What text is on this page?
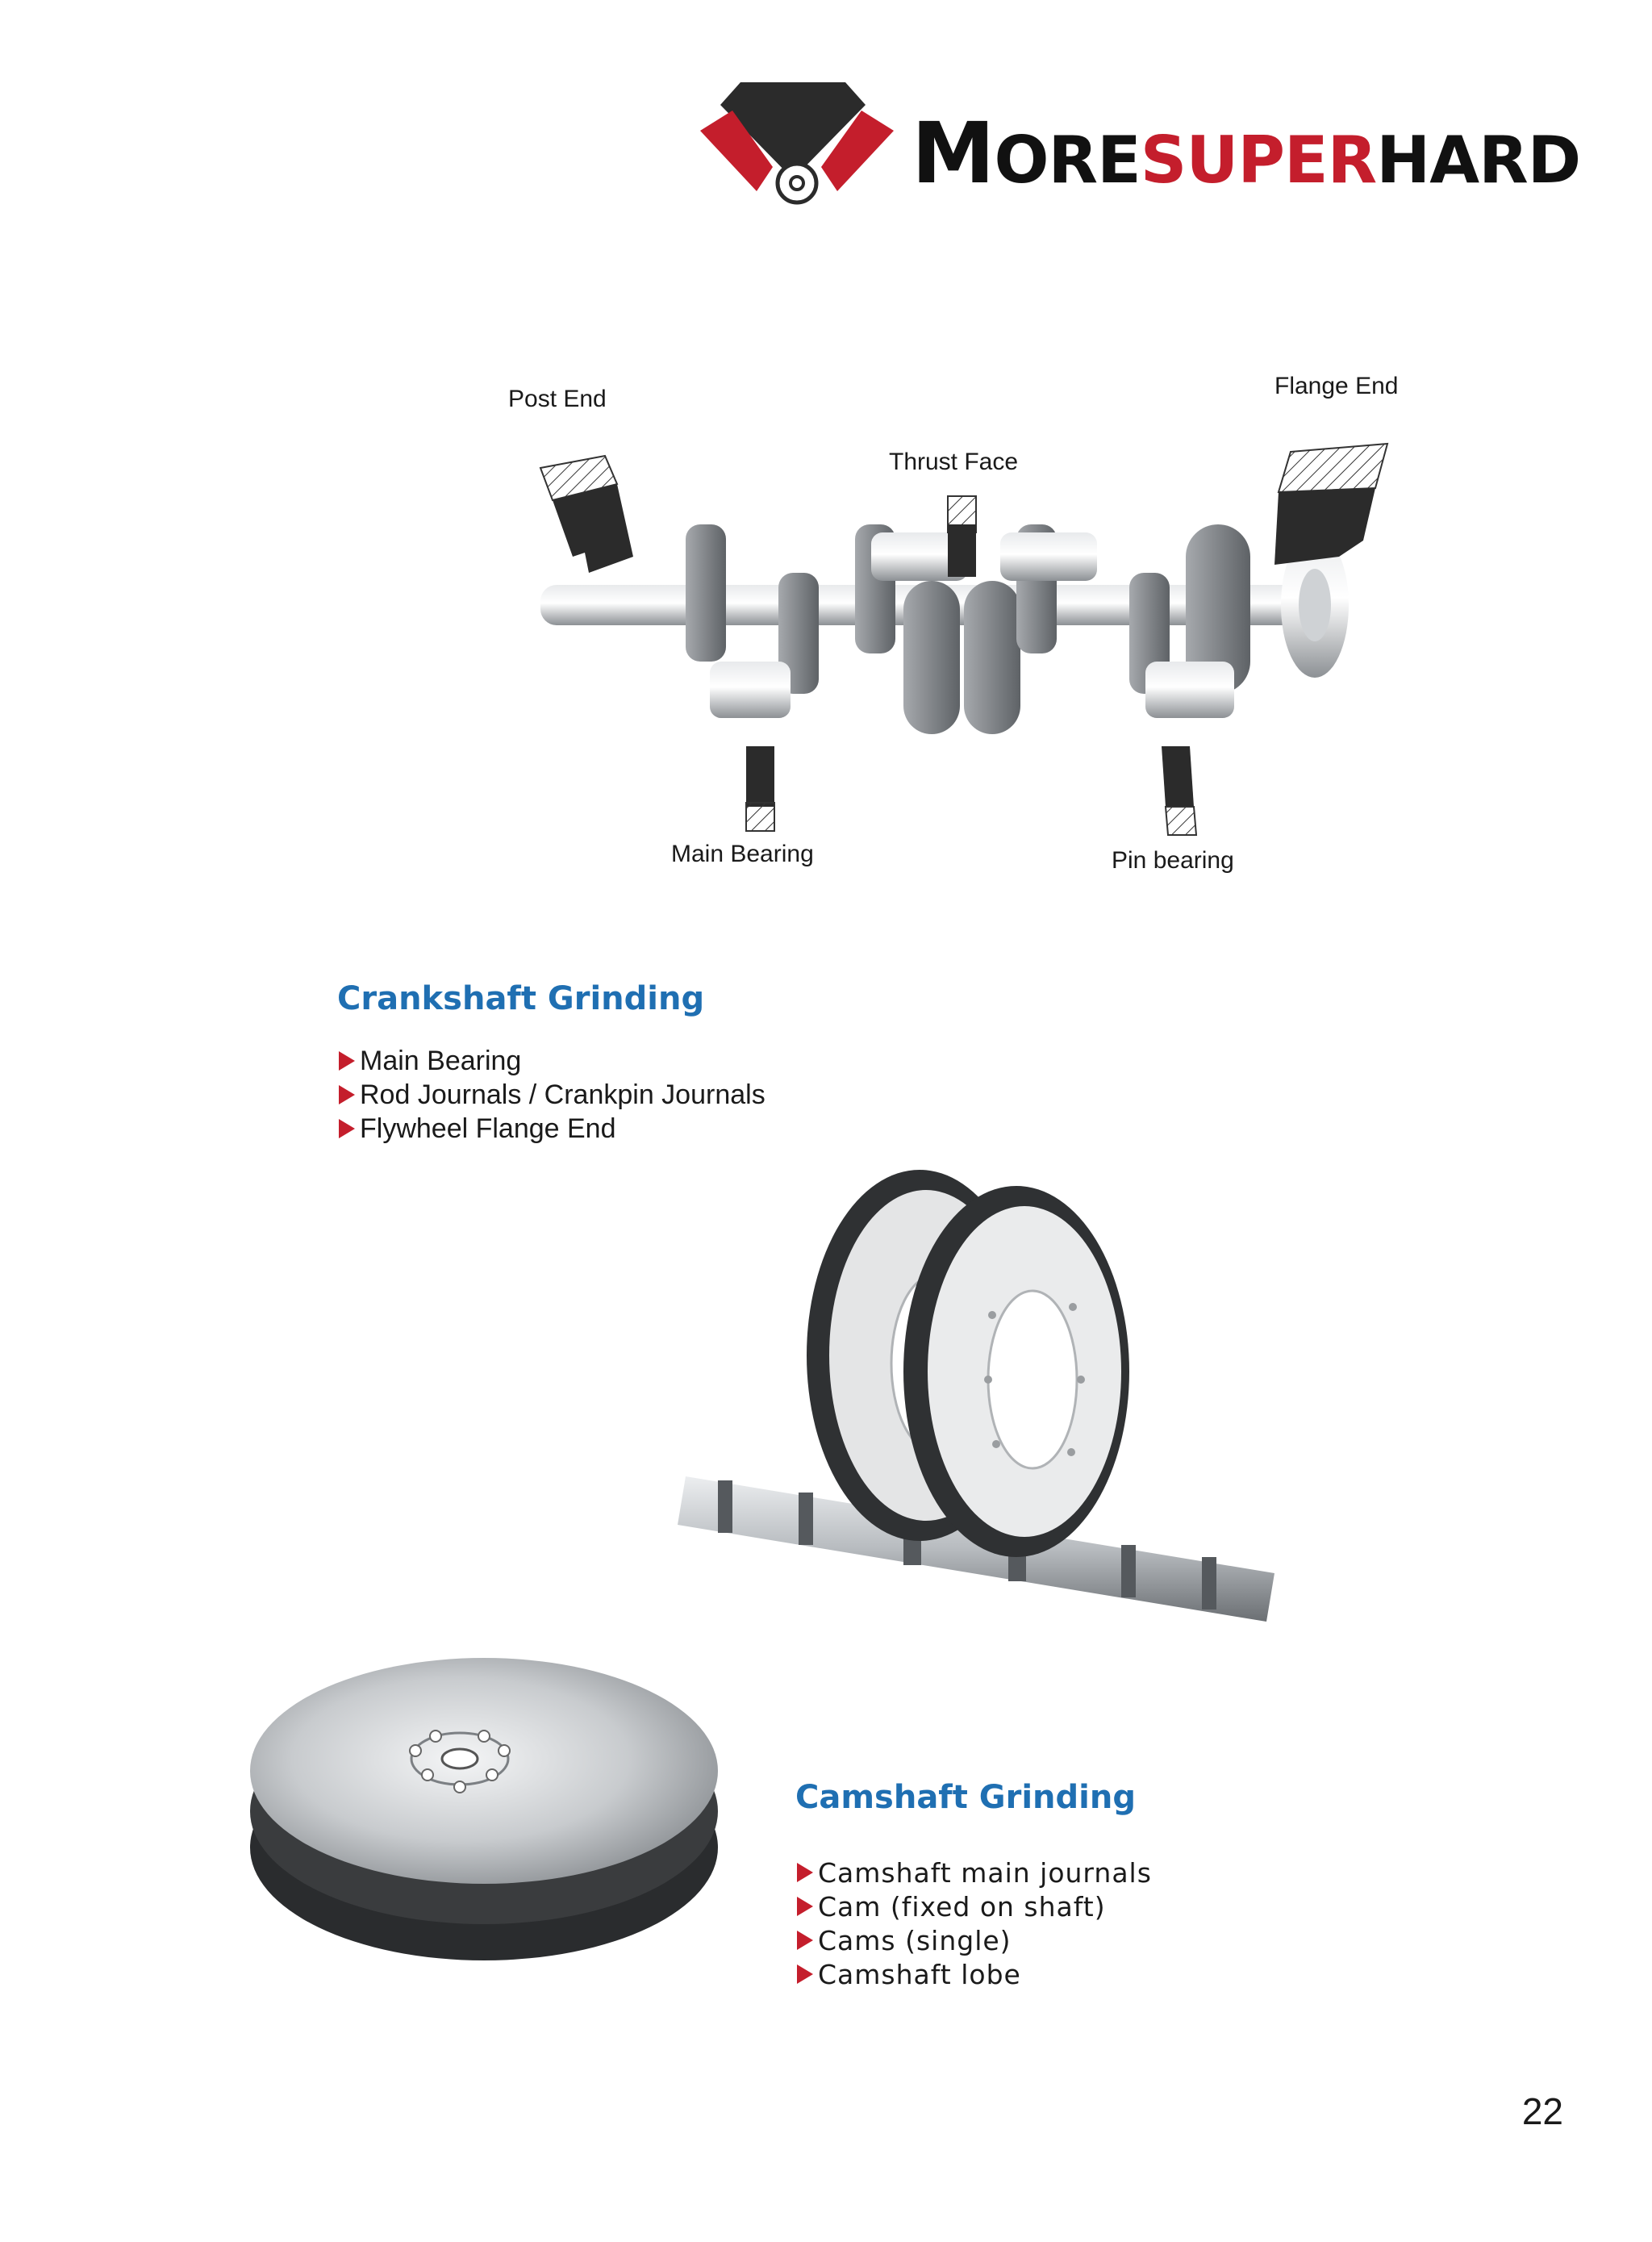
MORESUPERHARD
Post End
Thrust Face
Flange End
Main Bearing	Pin bearing
Crankshaft Grinding
Main Bearing
Rod Journals / Crankpin Journals
Flywheel Flange End
Camshaft Grinding
Camshaft main journals
Cam (fixed on shaft)
Cams (single)
Camshaft lobe
22
